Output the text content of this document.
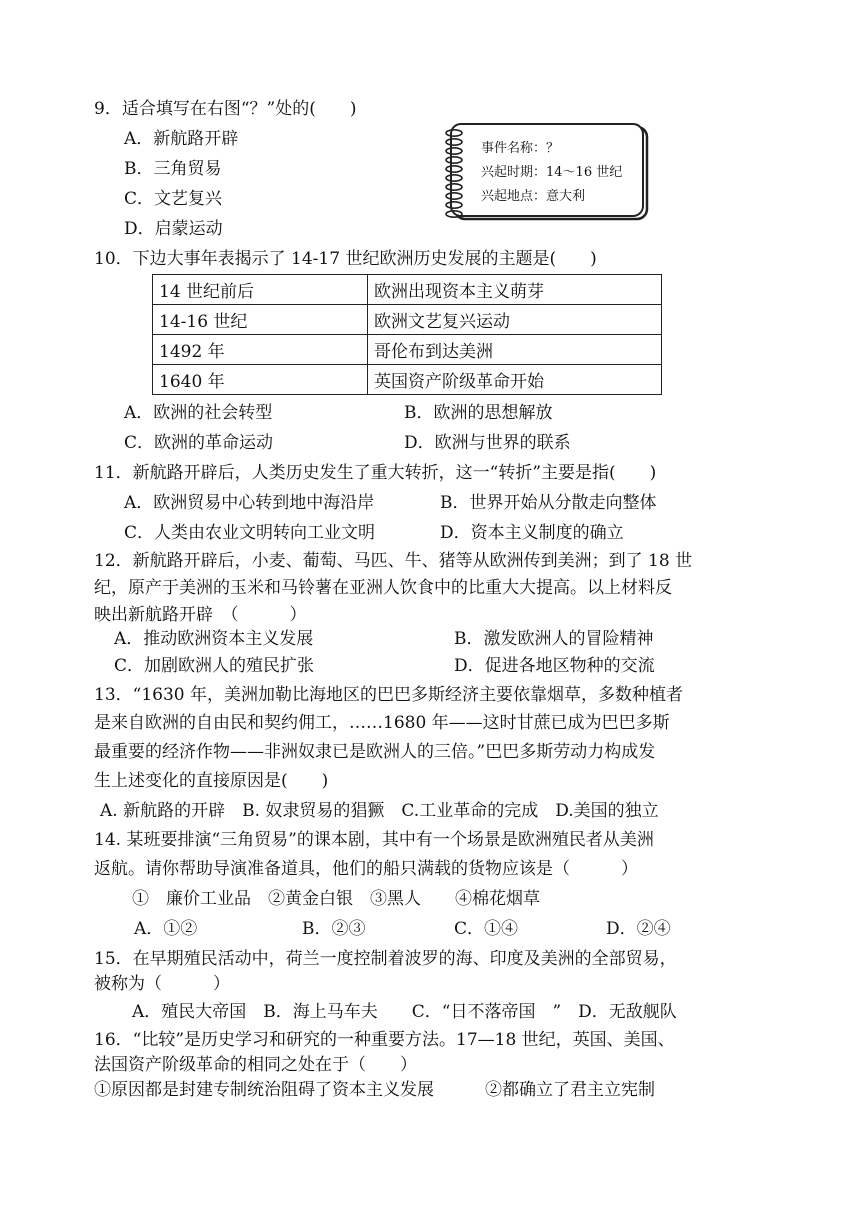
9．适合填写在右图“？”处的(　　)
A．新航路开辟
B．三角贸易
C．文艺复兴
D．启蒙运动
事件名称：？
兴起时期：14～16 世纪
兴起地点：意大利
10．下边大事年表揭示了 14-17 世纪欧洲历史发展的主题是(　　)
14 世纪前后	欧洲出现资本主义萌芽
14-16 世纪	欧洲文艺复兴运动
1492 年	哥伦布到达美洲
1640 年	英国资产阶级革命开始
A．欧洲的社会转型	B．欧洲的思想解放
C．欧洲的革命运动	D．欧洲与世界的联系
11．新航路开辟后，人类历史发生了重大转折，这一“转折”主要是指(　　)
A．欧洲贸易中心转到地中海沿岸	B．世界开始从分散走向整体
C．人类由农业文明转向工业文明	D．资本主义制度的确立
12．新航路开辟后，小麦、葡萄、马匹、牛、猪等从欧洲传到美洲；到了 18 世
纪，原产于美洲的玉米和马铃薯在亚洲人饮食中的比重大大提高。以上材料反
映出新航路开辟　（　　　）
A．推动欧洲资本主义发展	B．激发欧洲人的冒险精神
C．加剧欧洲人的殖民扩张	D．促进各地区物种的交流
13．“1630 年，美洲加勒比海地区的巴巴多斯经济主要依靠烟草，多数种植者
是来自欧洲的自由民和契约佣工，……1680 年——这时甘蔗已成为巴巴多斯
最重要的经济作物——非洲奴隶已是欧洲人的三倍。”巴巴多斯劳动力构成发
生上述变化的直接原因是(　　)
A. 新航路的开辟　B. 奴隶贸易的猖獗　C.工业革命的完成　D.美国的独立
14. 某班要排演“三角贸易”的课本剧，其中有一个场景是欧洲殖民者从美洲
返航。请你帮助导演准备道具，他们的船只满载的货物应该是（　　　）
①　廉价工业品　②黄金白银　③黑人　　④棉花烟草
A．①②	B．②③	C．①④	D．②④
15．在早期殖民活动中，荷兰一度控制着波罗的海、印度及美洲的全部贸易，
被称为（　　　）
A．殖民大帝国　B．海上马车夫　　C．“日不落帝国　”　D．无敌舰队
16．“比较”是历史学习和研究的一种重要方法。17—18 世纪，英国、美国、
法国资产阶级革命的相同之处在于（　　）
①原因都是封建专制统治阻碍了资本主义发展　　　②都确立了君主立宪制
